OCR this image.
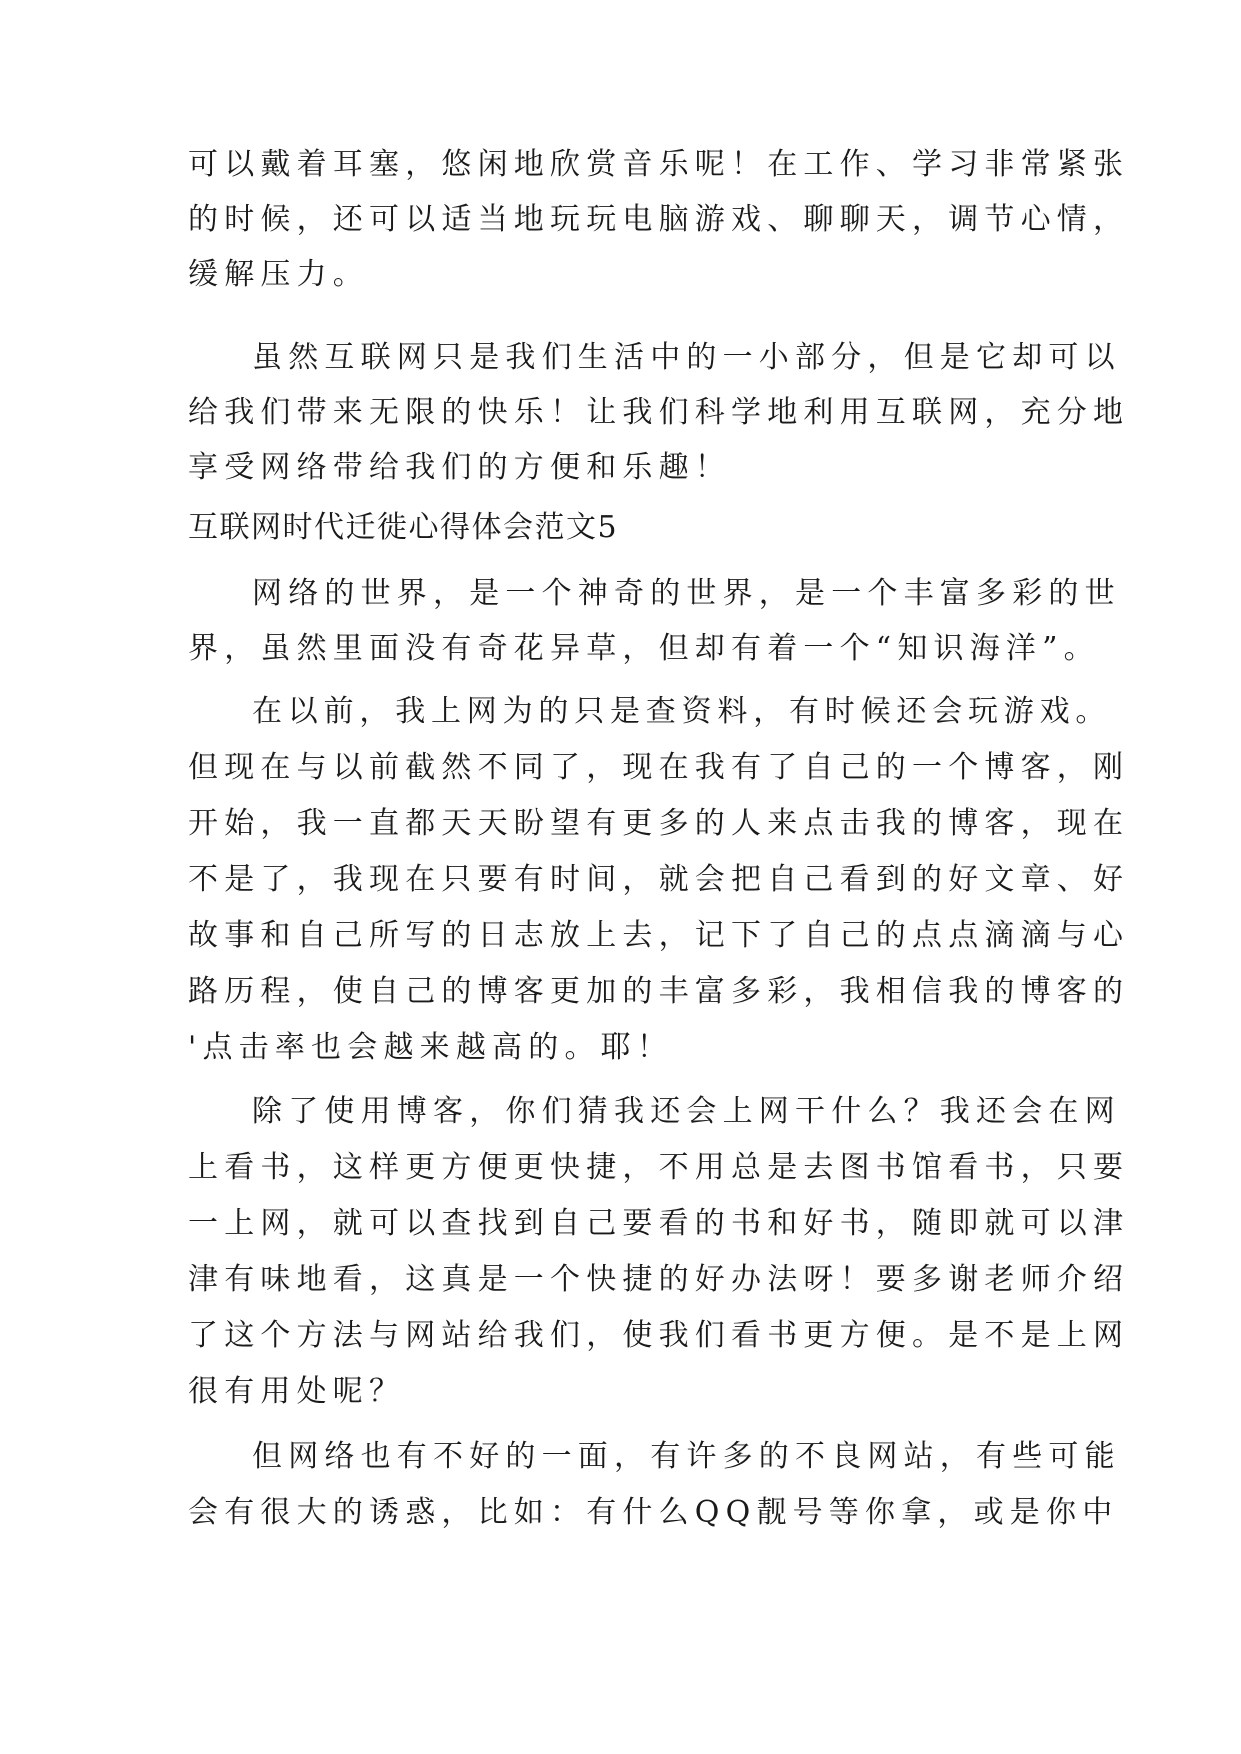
可以戴着耳塞，悠闲地欣赏音乐呢！在工作、学习非常紧张
的时候，还可以适当地玩玩电脑游戏、聊聊天，调节心情，
缓解压力。
虽然互联网只是我们生活中的一小部分，但是它却可以
给我们带来无限的快乐！让我们科学地利用互联网，充分地
享受网络带给我们的方便和乐趣！
互联网时代迁徙心得体会范文5
网络的世界，是一个神奇的世界，是一个丰富多彩的世
界，虽然里面没有奇花异草，但却有着一个“知识海洋”。
在以前，我上网为的只是查资料，有时候还会玩游戏。
但现在与以前截然不同了，现在我有了自己的一个博客，刚
开始，我一直都天天盼望有更多的人来点击我的博客，现在
不是了，我现在只要有时间，就会把自己看到的好文章、好
故事和自己所写的日志放上去，记下了自己的点点滴滴与心
路历程，使自己的博客更加的丰富多彩，我相信我的博客的
'点击率也会越来越高的。耶！
除了使用博客，你们猜我还会上网干什么？我还会在网
上看书，这样更方便更快捷，不用总是去图书馆看书，只要
一上网，就可以查找到自己要看的书和好书，随即就可以津
津有味地看，这真是一个快捷的好办法呀！要多谢老师介绍
了这个方法与网站给我们，使我们看书更方便。是不是上网
很有用处呢？
但网络也有不好的一面，有许多的不良网站，有些可能
会有很大的诱惑，比如：有什么QQ靓号等你拿，或是你中
